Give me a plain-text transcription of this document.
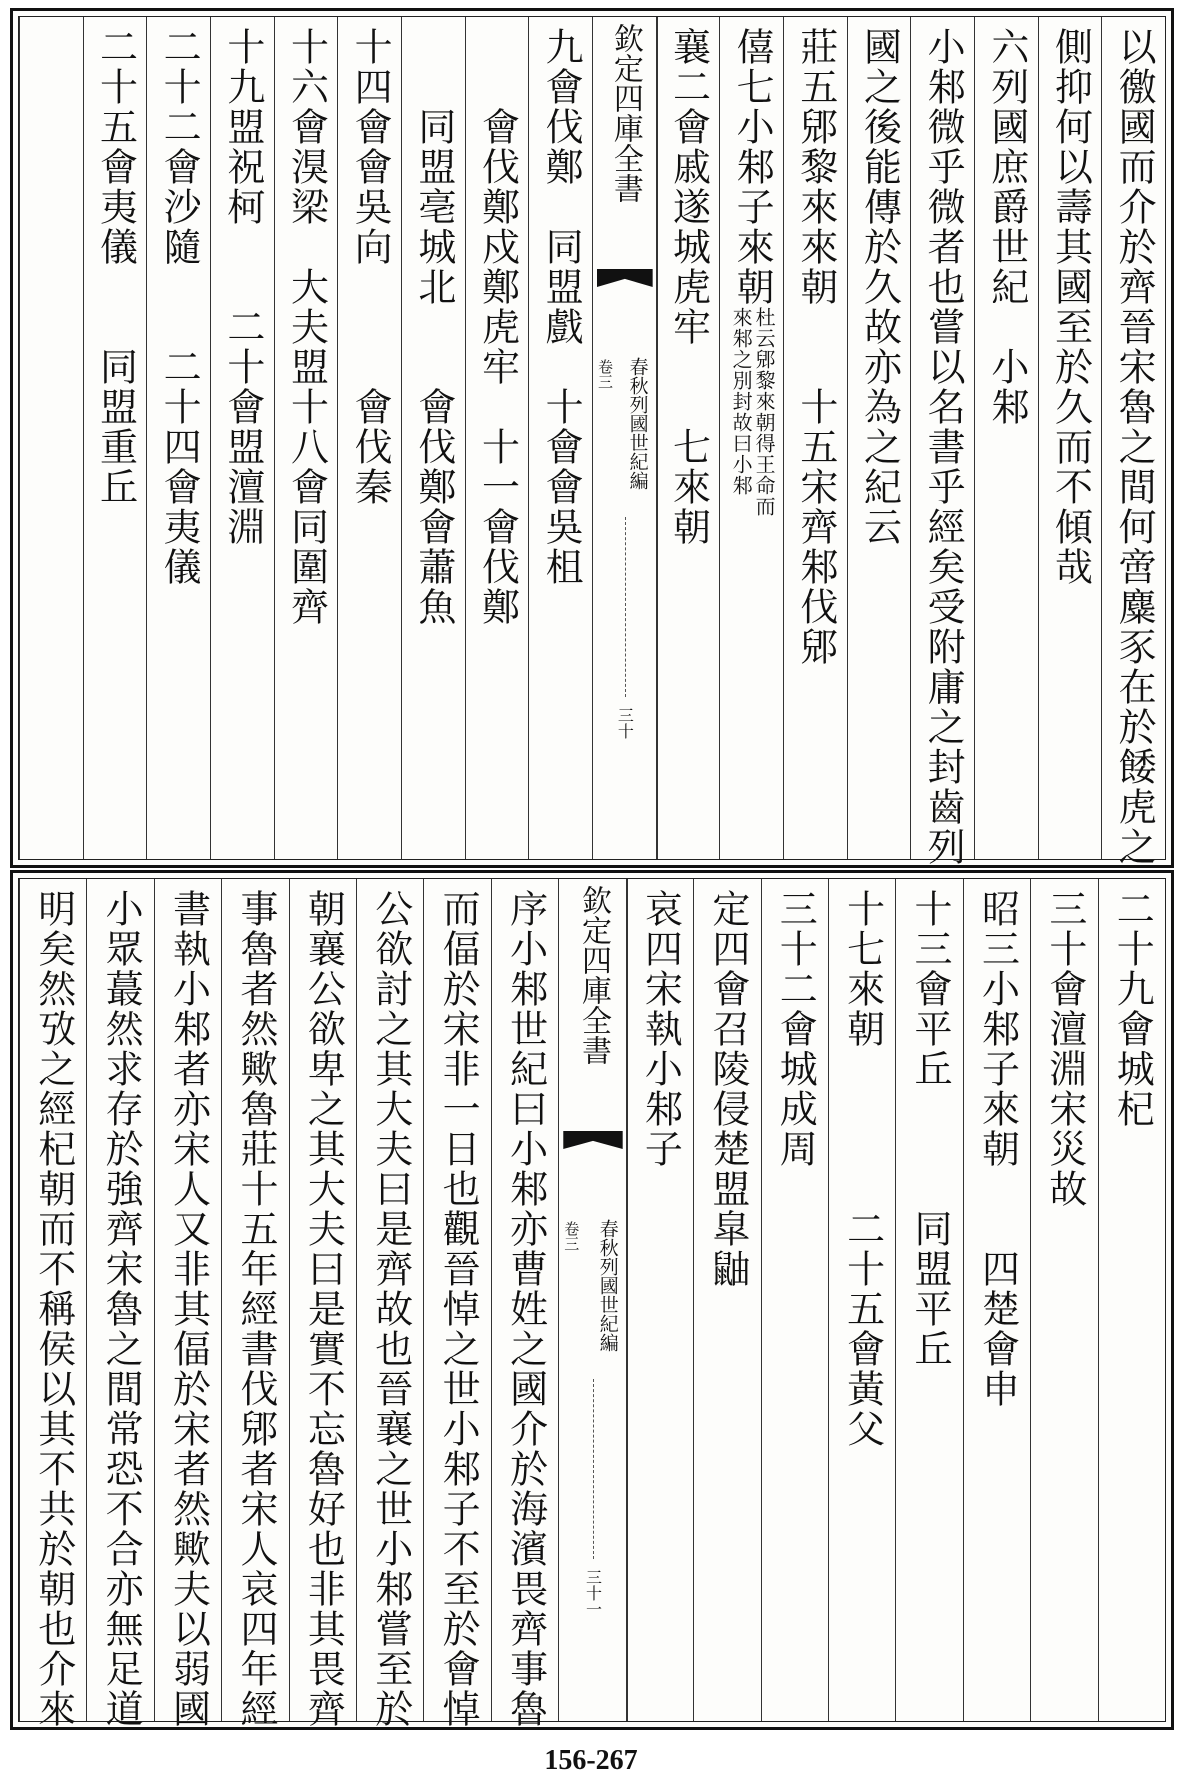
以徼國而介於齊晉宋魯之間何啻麋豕在於餧虎之
側抑何以壽其國至於久而不傾哉
六列國庶爵世紀　小邾
小邾微乎微者也嘗以名書乎經矣受附庸之封齒列
國之後能傳於久故亦為之紀云
莊五郳黎來來朝　　十五宋齊邾伐郳
僖七小邾子來朝
杜云郳黎來朝得王命而
來邾之別封故曰小邾
襄二會戚遂城虎牢　　七來朝
欽定四庫全書
春秋列國世紀編
卷三
三十
九會伐鄭　同盟戲　十會會吳柤
　　會伐鄭戍鄭虎牢　十一會伐鄭
　　同盟亳城北　　會伐鄭會蕭魚
十四會會吳向　　　會伐秦
十六會湨梁　大夫盟十八會同圍齊
十九盟祝柯　　二十會盟澶淵
二十二會沙隨　　二十四會夷儀
二十五會夷儀　　同盟重丘
二十九會城杞
三十會澶淵宋災故
昭三小邾子來朝　　四楚會申
十三會平丘　　　同盟平丘
十七來朝　　　　二十五會黃父
三十二會城成周
定四會召陵侵楚盟皐鼬
哀四宋執小邾子
欽定四庫全書
春秋列國世紀編
卷三
三十一
序小邾世紀曰小邾亦曹姓之國介於海濱畏齊事魯
而偪於宋非一日也觀晉悼之世小邾子不至於會悼
公欲討之其大夫曰是齊故也晉襄之世小邾嘗至於
朝襄公欲卑之其大夫曰是實不忘魯好也非其畏齊
事魯者然歟魯莊十五年經書伐郳者宋人哀四年經
書執小邾者亦宋人又非其偪於宋者然歟夫以弱國
小眾蕞然求存於強齊宋魯之間常恐不合亦無足道
明矣然攷之經杞朝而不稱侯以其不共於朝也介來
156-267
